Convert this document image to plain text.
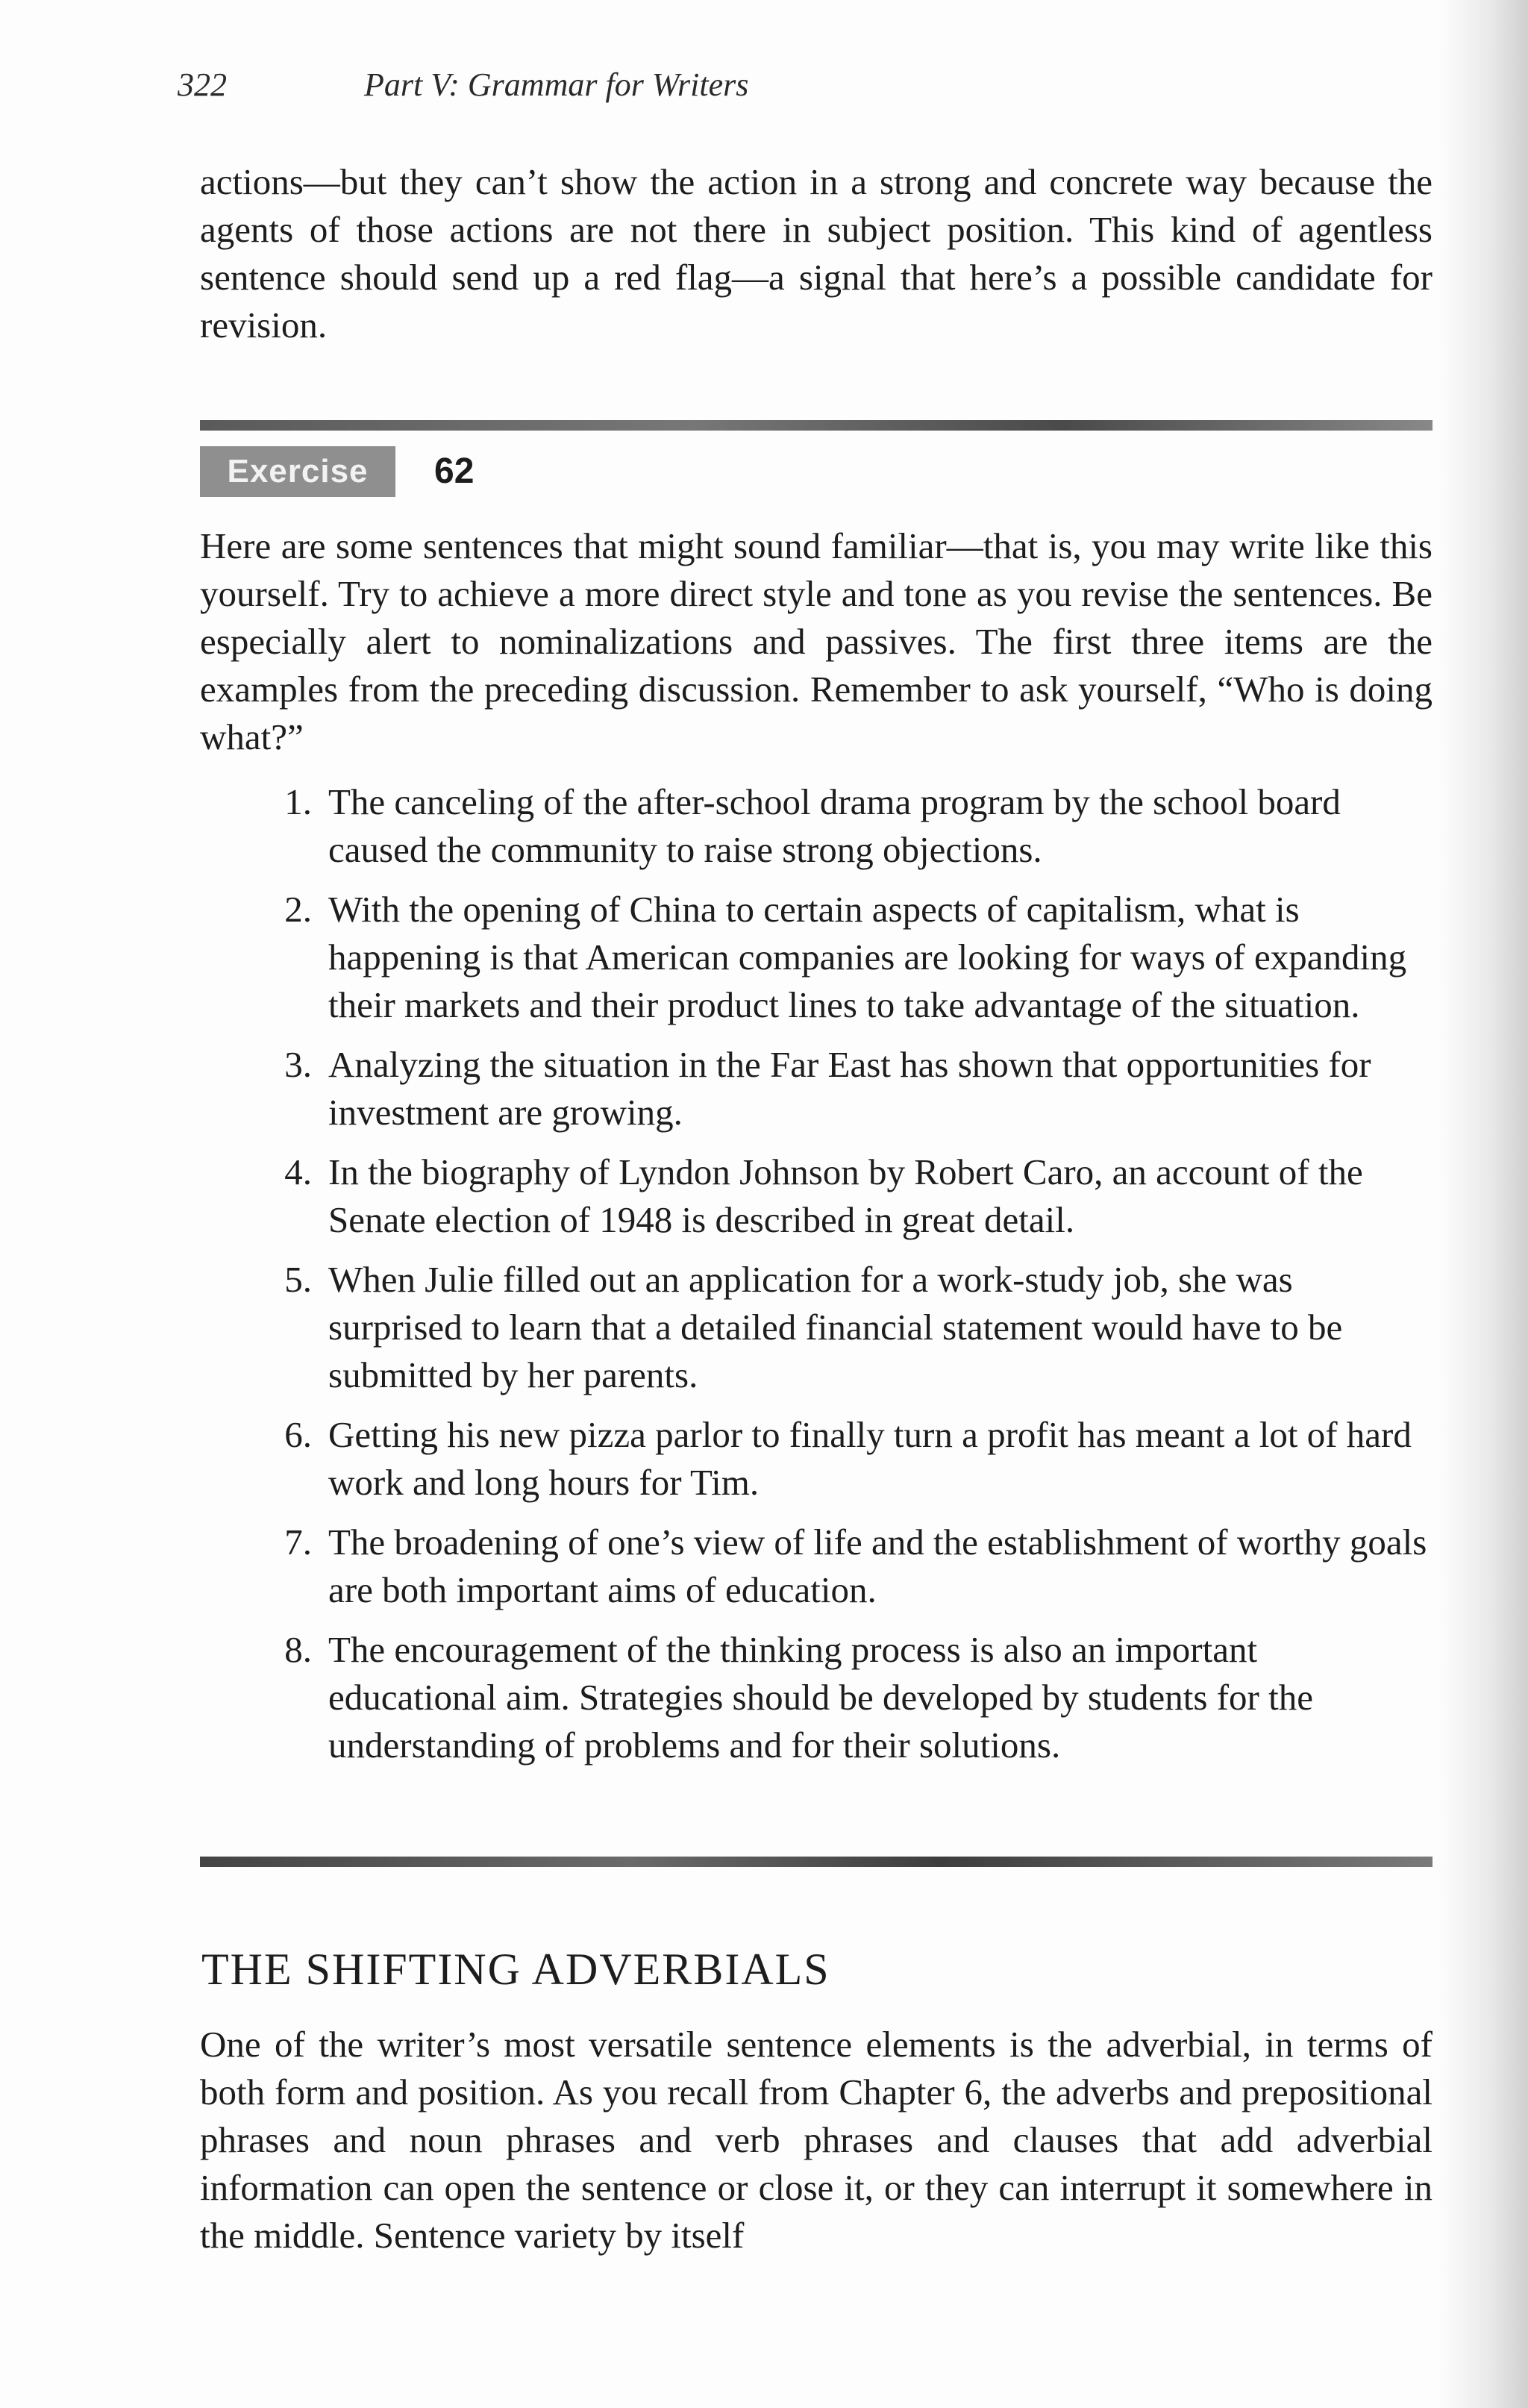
322	Part V: Grammar for Writers

actions—but they can’t show the action in a strong and concrete way because the agents of those actions are not there in subject position. This kind of agentless sentence should send up a red flag—a signal that here’s a possible candidate for revision.

Exercise	62

Here are some sentences that might sound familiar—that is, you may write like this yourself. Try to achieve a more direct style and tone as you revise the sentences. Be especially alert to nominalizations and passives. The first three items are the examples from the preceding discussion. Remember to ask yourself, “Who is doing what?”

1. The canceling of the after-school drama program by the school board caused the community to raise strong objections.
2. With the opening of China to certain aspects of capitalism, what is happening is that American companies are looking for ways of expanding their markets and their product lines to take advantage of the situation.
3. Analyzing the situation in the Far East has shown that opportunities for investment are growing.
4. In the biography of Lyndon Johnson by Robert Caro, an account of the Senate election of 1948 is described in great detail.
5. When Julie filled out an application for a work-study job, she was surprised to learn that a detailed financial statement would have to be submitted by her parents.
6. Getting his new pizza parlor to finally turn a profit has meant a lot of hard work and long hours for Tim.
7. The broadening of one’s view of life and the establishment of worthy goals are both important aims of education.
8. The encouragement of the thinking process is also an important educational aim. Strategies should be developed by students for the understanding of problems and for their solutions.
THE SHIFTING ADVERBIALS

One of the writer’s most versatile sentence elements is the adverbial, in terms of both form and position. As you recall from Chapter 6, the adverbs and prepositional phrases and noun phrases and verb phrases and clauses that add adverbial information can open the sentence or close it, or they can interrupt it somewhere in the middle. Sentence variety by itself
